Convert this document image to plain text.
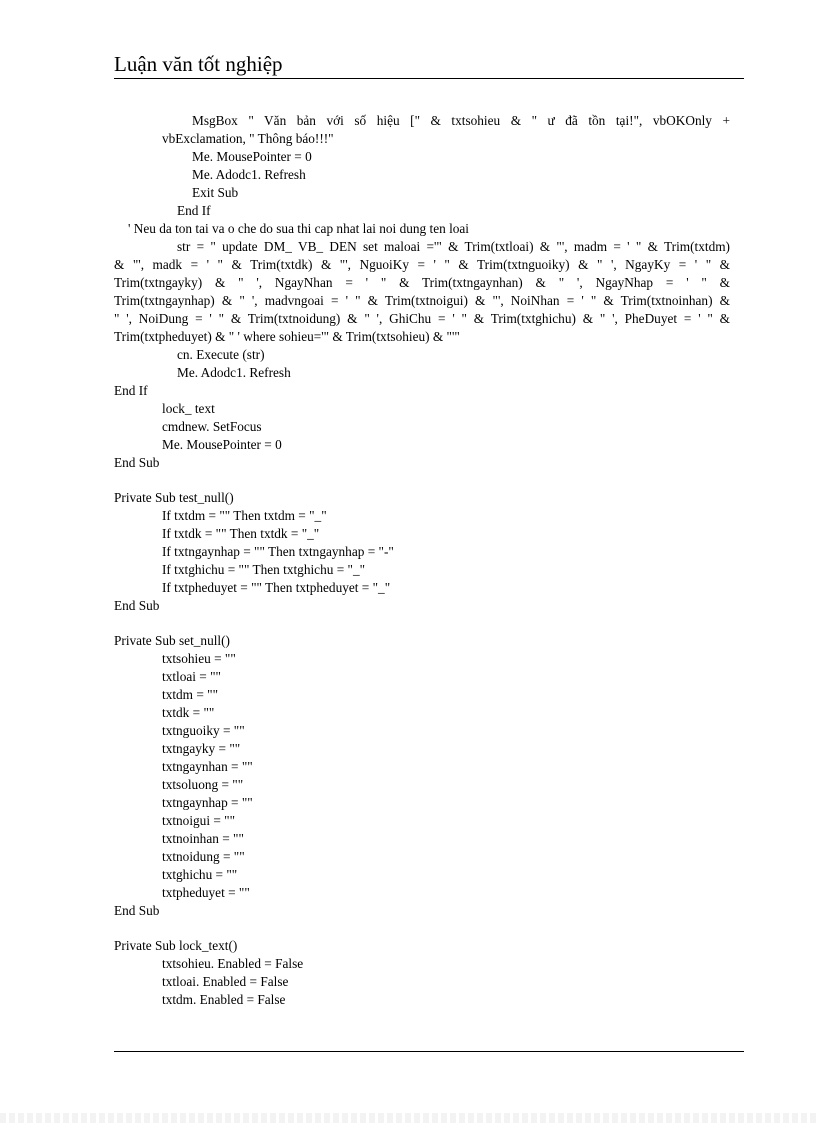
Luận văn tốt nghiệp
MsgBox " Văn bản với số hiệu [" & txtsohieu & " ư đã tồn tại!", vbOKOnly +
vbExclamation, " Thông báo!!!"
Me. MousePointer = 0
Me. Adodc1. Refresh
Exit Sub
End If
' Neu da ton tai va o che do sua thi cap nhat lai noi dung ten loai
str = " update DM_ VB_ DEN set maloai ='" & Trim(txtloai) & "', madm = ' " & Trim(txtdm)
& "', madk = ' " & Trim(txtdk) & "', NguoiKy = ' " & Trim(txtnguoiky) & " ', NgayKy = ' " &
Trim(txtngayky) & " ', NgayNhan = ' " & Trim(txtngaynhan) & " ', NgayNhap = ' " &
Trim(txtngaynhap) & " ', madvngoai = ' " & Trim(txtnoigui) & "', NoiNhan = ' " & Trim(txtnoinhan) &
" ', NoiDung = ' " & Trim(txtnoidung) & " ', GhiChu = ' " & Trim(txtghichu) & " ', PheDuyet = ' " &
Trim(txtpheduyet) & " ' where sohieu='" & Trim(txtsohieu) & "'"
cn. Execute (str)
Me. Adodc1. Refresh
End If
lock_ text
cmdnew. SetFocus
Me. MousePointer = 0
End Sub
Private Sub test_null()
If txtdm = "" Then txtdm = "_"
If txtdk = "" Then txtdk = "_"
If txtngaynhap = "" Then txtngaynhap = "-"
If txtghichu = "" Then txtghichu = "_"
If txtpheduyet = "" Then txtpheduyet = "_"
End Sub
Private Sub set_null()
txtsohieu = ""
txtloai = ""
txtdm = ""
txtdk = ""
txtnguoiky = ""
txtngayky = ""
txtngaynhan = ""
txtsoluong = ""
txtngaynhap = ""
txtnoigui = ""
txtnoinhan = ""
txtnoidung = ""
txtghichu = ""
txtpheduyet = ""
End Sub
Private Sub lock_text()
txtsohieu. Enabled = False
txtloai. Enabled = False
txtdm. Enabled = False
